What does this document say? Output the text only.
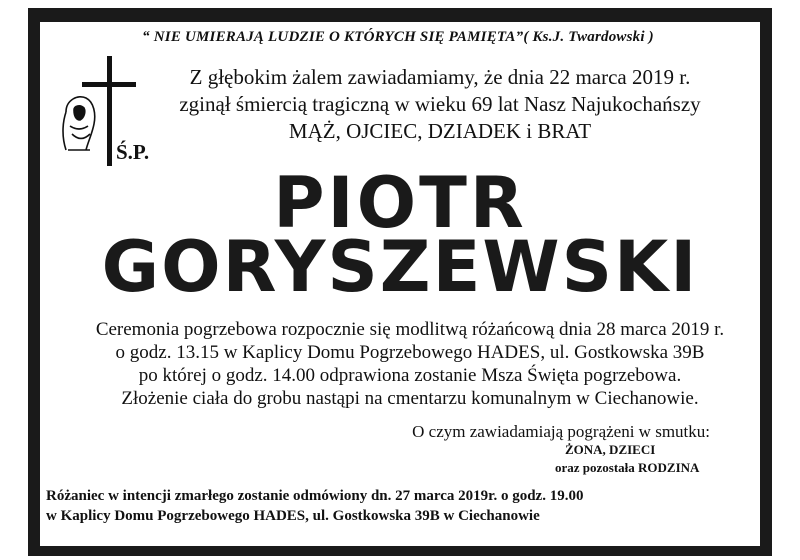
“ NIE UMIERAJĄ LUDZIE O KTÓRYCH SIĘ PAMIĘTA”( Ks.J. Twardowski )
Ś.P.
Z głębokim żalem zawiadamiamy, że dnia 22 marca 2019 r.
zginął śmiercią tragiczną w wieku 69 lat Nasz Najukochańszy
MĄŻ, OJCIEC, DZIADEK i BRAT
PIOTR
GORYSZEWSKI
Ceremonia pogrzebowa rozpocznie się modlitwą różańcową dnia 28 marca 2019 r.
o godz. 13.15 w Kaplicy Domu Pogrzebowego HADES, ul. Gostkowska 39B
po której o godz. 14.00 odprawiona zostanie Msza Święta pogrzebowa.
Złożenie ciała do grobu nastąpi na cmentarzu komunalnym w Ciechanowie.
O czym zawiadamiają pogrążeni w smutku:
ŻONA, DZIECI
oraz pozostała RODZINA
Różaniec w intencji zmarłego zostanie odmówiony dn. 27 marca 2019r. o godz. 19.00
w Kaplicy Domu Pogrzebowego HADES, ul. Gostkowska 39B w Ciechanowie
